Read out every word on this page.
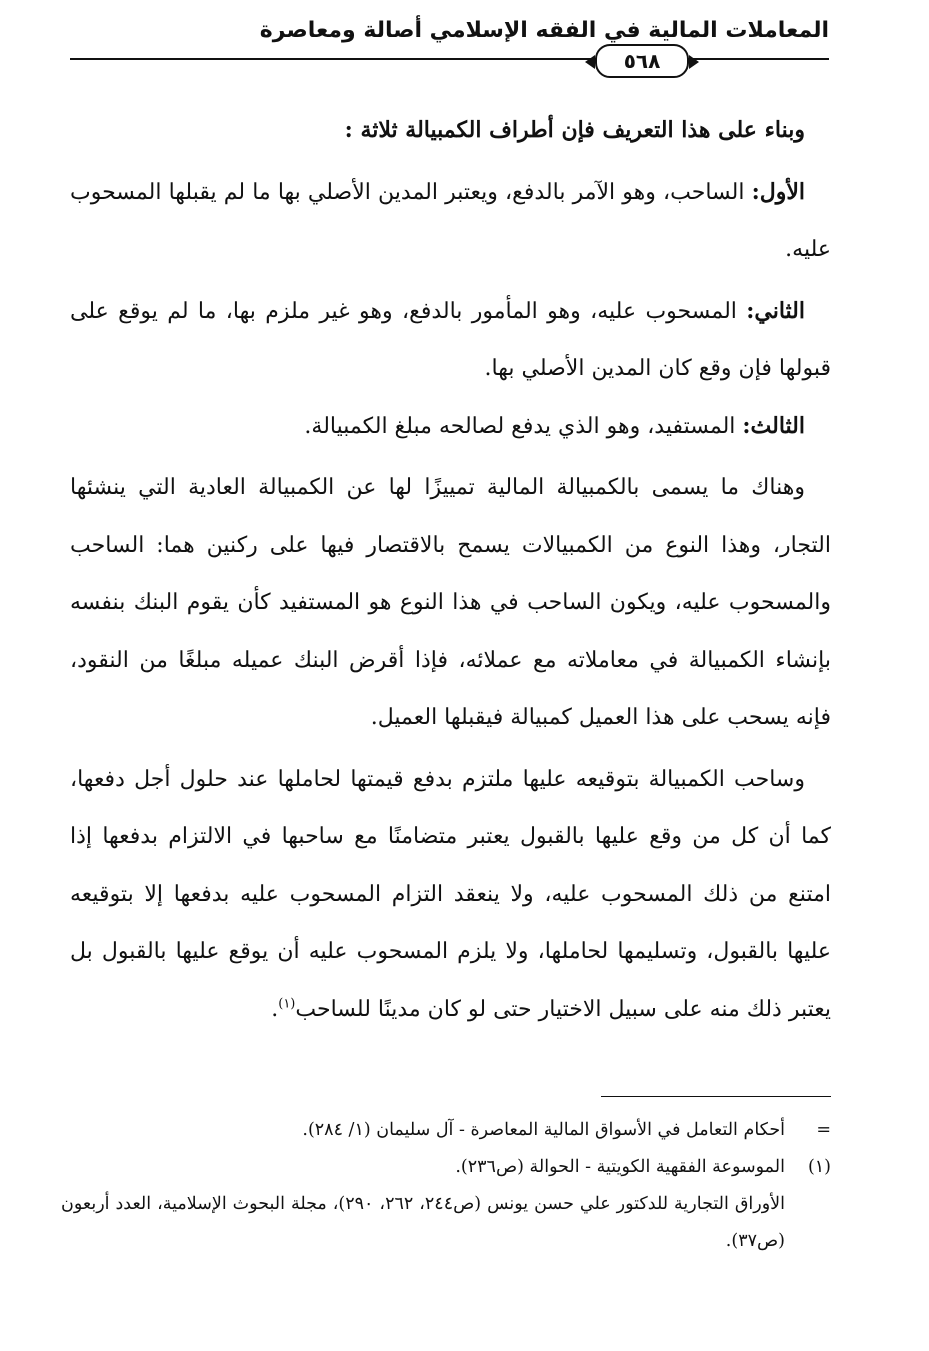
المعاملات المالية في الفقه الإسلامي أصالة ومعاصرة
٥٦٨

وبناء على هذا التعريف فإن أطراف الكمبيالة ثلاثة :

الأول: الساحب، وهو الآمر بالدفع، ويعتبر المدين الأصلي بها ما لم يقبلها المسحوب عليه.

الثاني: المسحوب عليه، وهو المأمور بالدفع، وهو غير ملزم بها، ما لم يوقع على قبولها فإن وقع كان المدين الأصلي بها.

الثالث: المستفيد، وهو الذي يدفع لصالحه مبلغ الكمبيالة.

وهناك ما يسمى بالكمبيالة المالية تمييزًا لها عن الكمبيالة العادية التي ينشئها التجار، وهذا النوع من الكمبيالات يسمح بالاقتصار فيها على ركنين هما: الساحب والمسحوب عليه، ويكون الساحب في هذا النوع هو المستفيد كأن يقوم البنك بنفسه بإنشاء الكمبيالة في معاملاته مع عملائه، فإذا أقرض البنك عميله مبلغًا من النقود، فإنه يسحب على هذا العميل كمبيالة فيقبلها العميل.

وساحب الكمبيالة بتوقيعه عليها ملتزم بدفع قيمتها لحاملها عند حلول أجل دفعها، كما أن كل من وقع عليها بالقبول يعتبر متضامنًا مع ساحبها في الالتزام بدفعها إذا امتنع من ذلك المسحوب عليه، ولا ينعقد التزام المسحوب عليه بدفعها إلا بتوقيعه عليها بالقبول، وتسليمها لحاملها، ولا يلزم المسحوب عليه أن يوقع عليها بالقبول بل يعتبر ذلك منه على سبيل الاختيار حتى لو كان مدينًا للساحب$^{(١)}$.

=أحكام التعامل في الأسواق المالية المعاصرة - آل سليمان (١/ ٢٨٤).

(١)الموسوعة الفقهية الكويتية - الحوالة (ص٢٣٦).

الأوراق التجارية للدكتور علي حسن يونس (ص٢٤٤، ٢٦٢، ٢٩٠)، مجلة البحوث الإسلامية، العدد أربعون (ص٣٧).
